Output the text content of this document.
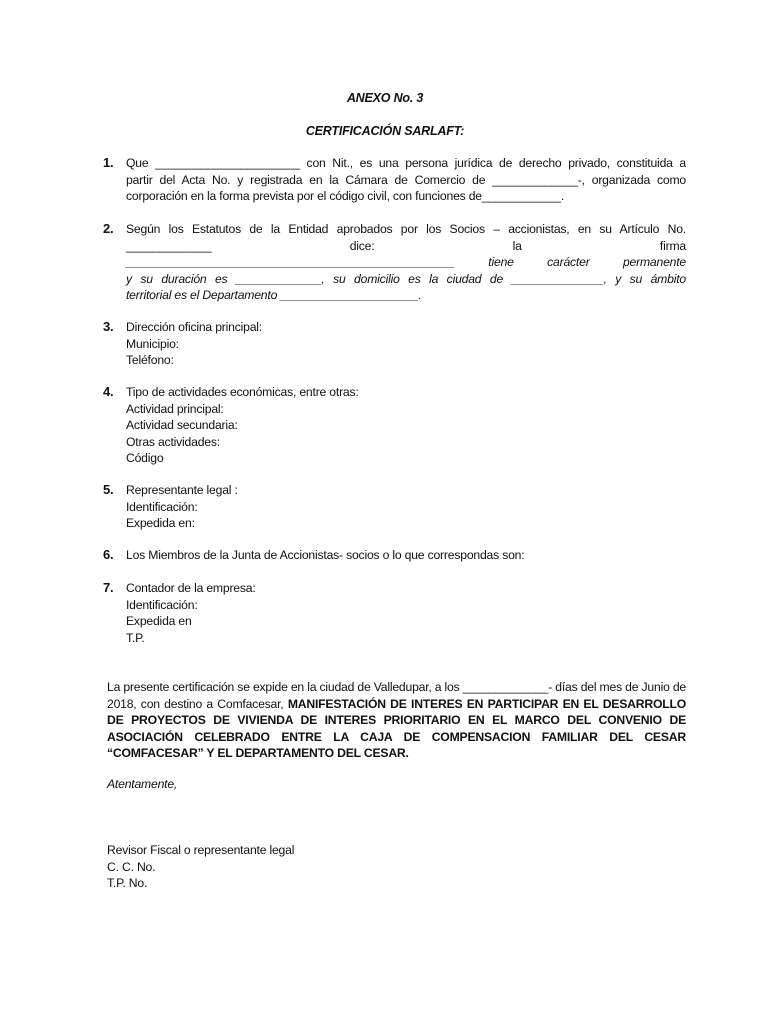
ANEXO No. 3
CERTIFICACIÓN SARLAFT:
1. Que ______________________ con Nit., es una persona jurídica de derecho privado, constituida a
partir del Acta No. y registrada en la Cámara de Comercio de _____________-, organizada como
corporación en la forma prevista por el código civil, con funciones de____________.
2. Según los Estatutos de la Entidad aprobados por los Socios – accionistas, en su Artículo No.
_____________ dice: la firma
__________________________________________________ tiene carácter permanente
y su duración es _____________, su domicilio es la ciudad de ______________, y su ámbito
territorial es el Departamento _____________________.
3. Dirección oficina principal:
Municipio:
Teléfono:
4. Tipo de actividades económicas, entre otras:
Actividad principal:
Actividad secundaria:
Otras actividades:
Código
5. Representante legal :
Identificación:
Expedida en:
6. Los Miembros de la Junta de Accionistas- socios o lo que correspondas son:
7. Contador de la empresa:
Identificación:
Expedida en
T.P.
La presente certificación se expide en la ciudad de Valledupar, a los _____________- días del mes de Junio de 2018, con destino a Comfacesar, MANIFESTACIÓN DE INTERES EN PARTICIPAR EN EL DESARROLLO DE PROYECTOS DE VIVIENDA DE INTERES PRIORITARIO EN EL MARCO DEL CONVENIO DE ASOCIACIÓN CELEBRADO ENTRE LA CAJA DE COMPENSACION FAMILIAR DEL CESAR “COMFACESAR” Y EL DEPARTAMENTO DEL CESAR.
Atentamente,
Revisor Fiscal o representante legal
C. C. No.
T.P. No.
